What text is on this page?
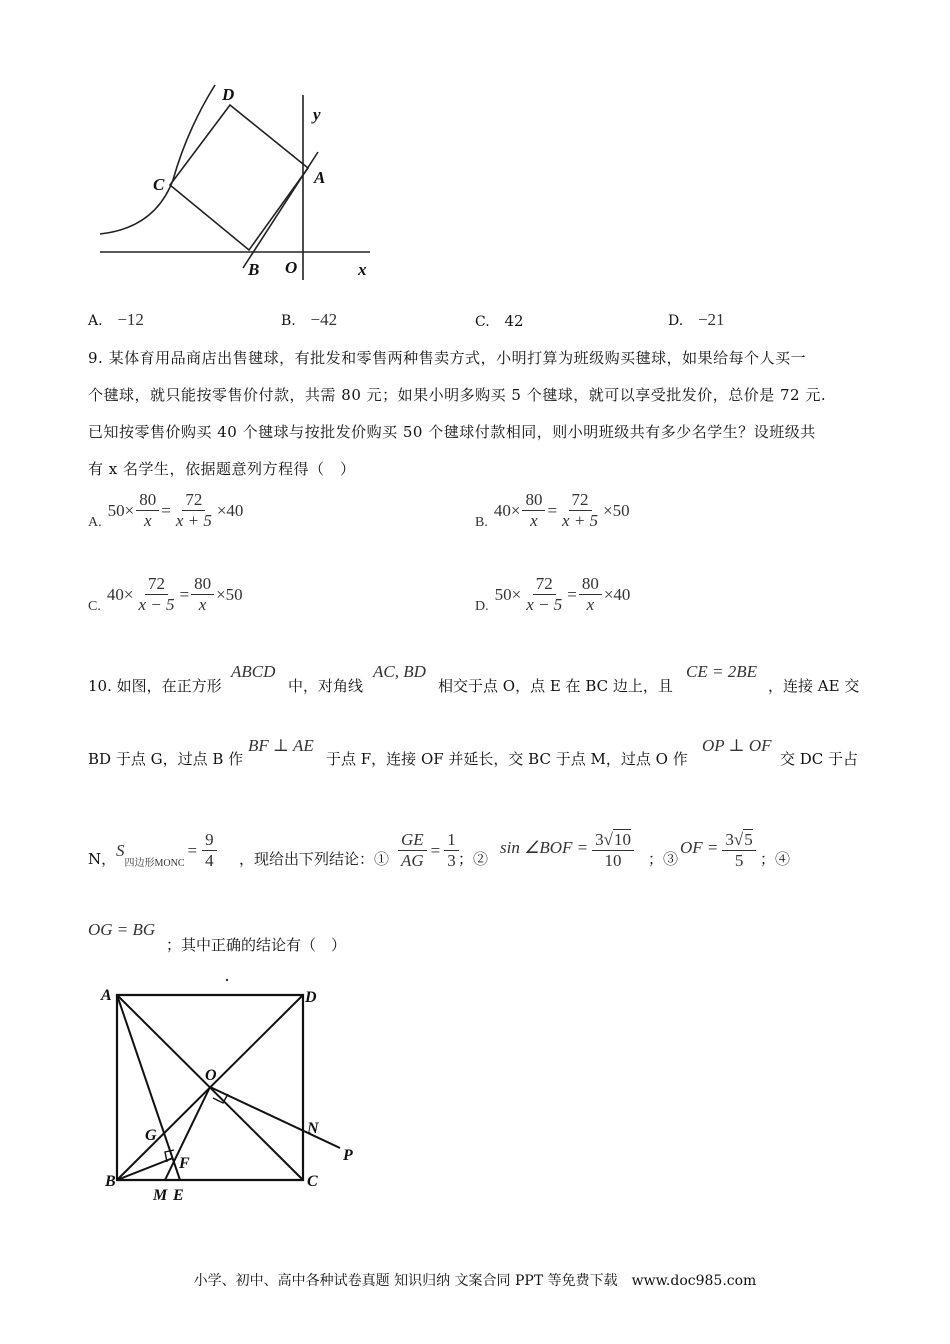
D
y
C	A
B O	x
A. −12	B. −42	C. 42	D. −21
9. 某体育用品商店出售毽球，有批发和零售两种售卖方式，小明打算为班级购买毽球，如果给每个人买一
个毽球，就只能按零售价付款，共需 80 元；如果小明多购买 5 个毽球，就可以享受批发价，总价是 72 元.
已知按零售价购买 40 个毽球与按批发价购买 50 个毽球付款相同，则小明班级共有多少名学生？设班级共
有 x 名学生，依据题意列方程得（　）
A.
$50\times \frac{80}{x} = \frac{72}{x + 5} \times 40$
B.
$40\times \frac{80}{x} = \frac{72}{x + 5} \times 50$
C.
$40\times \frac{72}{x - 5} = \frac{80}{x} \times 50$
D.
$50\times \frac{72}{x - 5} = \frac{80}{x} \times 40$
10. 如图，在正方形
ABCD
中，对角线
AC, BD
相交于点 O，点 E 在 BC 边上，且
CE = 2BE
，连接 AE 交
BD 于点 G，过点 B 作
BF ⊥ AE
于点 F，连接 OF 并延长，交 BC 于点 M，过点 O 作
OP ⊥ OF
交 DC 于占
N， S
四边形MONC
= $\frac{9}{4}$ ，现给出下列结论：① $\frac{GE}{AG} = \frac{1}{3}$ ；②
sin ∠BOF = $\frac{3√10}{10}$ ；③
OF = $\frac{3√5}{5}$ ；④
OG = BG
；其中正确的结论有（　）
A	D
O
N
P
G
F
B
M E
C
小学、初中、高中各种试卷真题 知识归纳 文案合同 PPT 等免费下载　www.doc985.com
